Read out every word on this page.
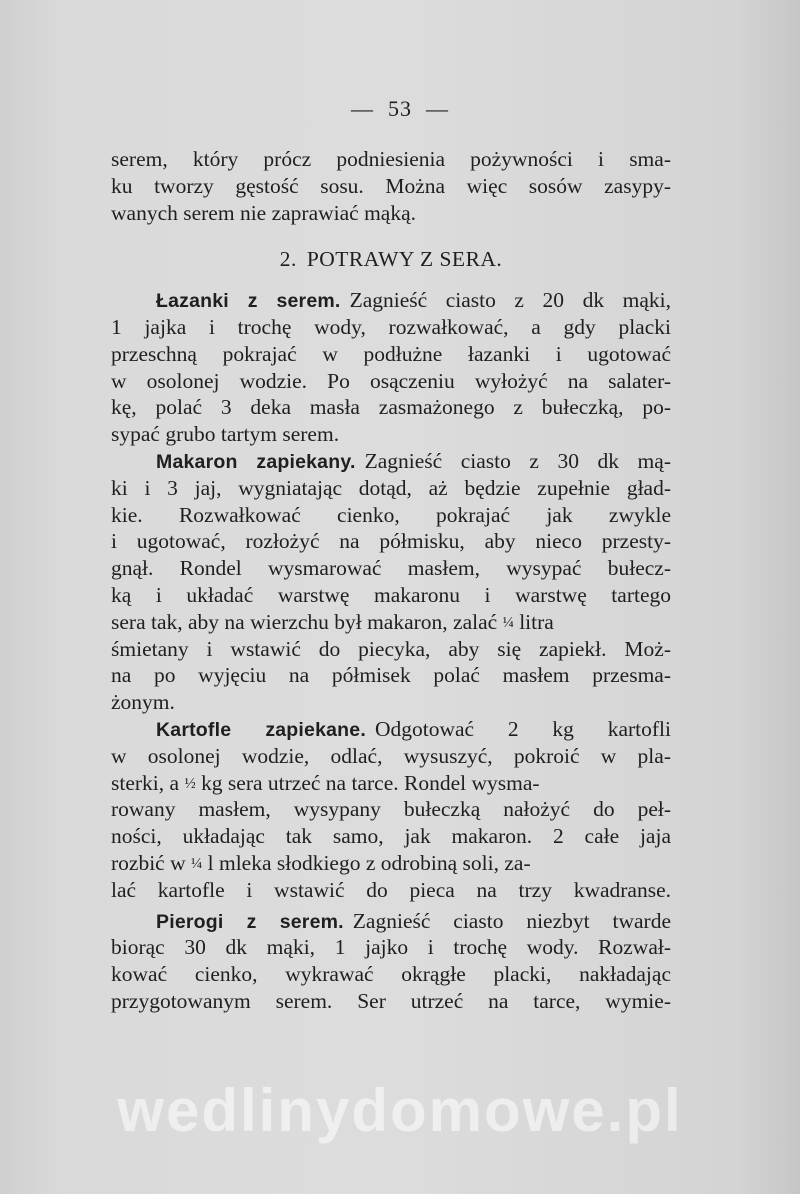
— 53 —
serem, który prócz podniesienia pożywności i sma-
ku tworzy gęstość sosu. Można więc sosów zasypy-
wanych serem nie zaprawiać mąką.
2. POTRAWY Z SERA.
Łazanki z serem. Zagnieść ciasto z 20 dk mąki,
1 jajka i trochę wody, rozwałkować, a gdy placki
przeschną pokrajać w podłużne łazanki i ugotować
w osolonej wodzie. Po osączeniu wyłożyć na salater-
kę, polać 3 deka masła zasmażonego z bułeczką, po-
sypać grubo tartym serem.
Makaron zapiekany. Zagnieść ciasto z 30 dk mą-
ki i 3 jaj, wygniatając dotąd, aż będzie zupełnie gład-
kie. Rozwałkować cienko, pokrajać jak zwykle
i ugotować, rozłożyć na półmisku, aby nieco przesty-
gnął. Rondel wysmarować masłem, wysypać bułecz-
ką i układać warstwę makaronu i warstwę tartego
sera tak, aby na wierzchu był makaron, zalać ¼ litra
śmietany i wstawić do piecyka, aby się zapiekł. Moż-
na po wyjęciu na półmisek polać masłem przesma-
żonym.
Kartofle zapiekane. Odgotować 2 kg kartofli
w osolonej wodzie, odlać, wysuszyć, pokroić w pla-
sterki, a ½ kg sera utrzeć na tarce. Rondel wysma-
rowany masłem, wysypany bułeczką nałożyć do peł-
ności, układając tak samo, jak makaron. 2 całe jaja
rozbić w ¼ l mleka słodkiego z odrobiną soli, za-
lać kartofle i wstawić do pieca na trzy kwadranse.
Pierogi z serem. Zagnieść ciasto niezbyt twarde
biorąc 30 dk mąki, 1 jajko i trochę wody. Rozwał-
kować cienko, wykrawać okrągłe placki, nakładając
przygotowanym serem. Ser utrzeć na tarce, wymie-
wedlinydomowe.pl
